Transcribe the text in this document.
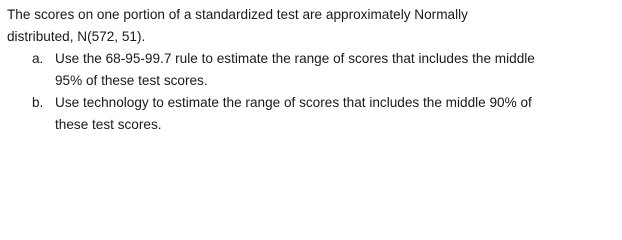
The scores on one portion of a standardized test are approximately Normally
distributed, N(572, 51).
a. Use the 68-95-99.7 rule to estimate the range of scores that includes the middle
95% of these test scores.
b. Use technology to estimate the range of scores that includes the middle 90% of
these test scores.
